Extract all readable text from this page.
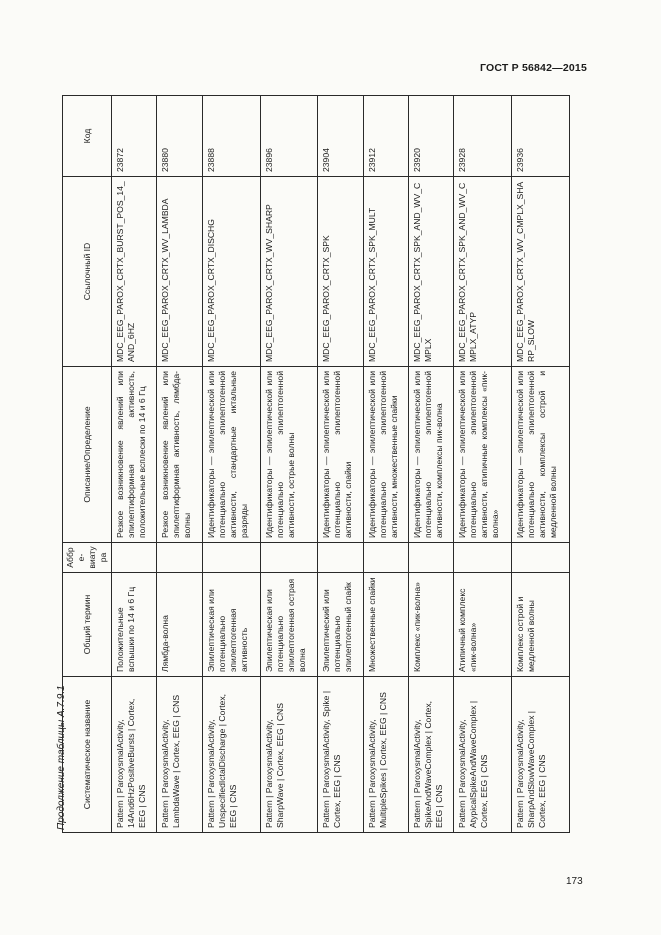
ГОСТ Р 56842—2015
Продолжение таблицы А.7.9.1 Систематическое название	Общий термин	Аббре-виатура	Описание/Определение	Ссылочный ID	Код
Pattern | ParoxysmalActivity, 14And6HzPositiveBursts | Cortex, EEG | CNS	Положительные вспышки по 14 и 6 Гц		Резкое возникновение явлений или эпилептиформная активность, положительные всплески по 14 и 6 Гц	MDC_EEG_PAROX_CRTX_BURST_POS_14_AND_6HZ	23872
Pattern | ParoxysmalActivity, LambdaWave | Cortex, EEG | CNS	Лямбда-волна		Резкое возникновение явлений или эпилептиформная активность, лямбда-волны	MDC_EEG_PAROX_CRTX_WV_LAMBDA	23880
Pattern | ParoxysmalActivity, UnspecifiedIctalDischarge | Cortex, EEG | CNS	Эпилептическая или потенциально эпилептогенная активность		Идентификаторы — эпилептической или потенциально эпилептогенной активности, стандартные иктальные разряды	MDC_EEG_PAROX_CRTX_DISCHG	23888
Pattern | ParoxysmalActivity, SharpWave | Cortex, EEG | CNS	Эпилептическая или потенциально эпилептогенная острая волна		Идентификаторы — эпилептической или потенциально эпилептогенной активности, острые волны	MDC_EEG_PAROX_CRTX_WV_SHARP	23896
Pattern | ParoxysmalActivity, Spike | Cortex, EEG | CNS	Эпилептический или потенциально эпилептогенный спайк		Идентификаторы — эпилептической или потенциально эпилептогенной активности, спайки	MDC_EEG_PAROX_CRTX_SPK	23904
Pattern | ParoxysmalActivity, MultipleSpikes | Cortex, EEG | CNS	Множественные спайки		Идентификаторы — эпилептической или потенциально эпилептогенной активности, множественные спайки	MDC_EEG_PAROX_CRTX_SPK_MULT	23912
Pattern | ParoxysmalActivity, SpikeAndWaveComplex | Cortex, EEG | CNS	Комплекс «пик-волна»		Идентификаторы — эпилептической или потенциально эпилептогенной активности, комплексы пик-волна	MDC_EEG_PAROX_CRTX_SPK_AND_WV_CMPLX	23920
Pattern | ParoxysmalActivity, AtypicalSpikeAndWaveComplex | Cortex, EEG | CNS	Атипичный комплекс «пик-волна»		Идентификаторы — эпилептической или потенциально эпилептогенной активности, атипичные комплексы «пик-волна»	MDC_EEG_PAROX_CRTX_SPK_AND_WV_CMPLX_ATYP	23928
Pattern | ParoxysmalActivity, SharpAndSlowWaveComplex | Cortex, EEG | CNS	Комплекс острой и медленной волны		Идентификаторы — эпилептической или потенциально эпилептогенной активности, комплексы острой и медленной волны	MDC_EEG_PAROX_CRTX_WV_CMPLX_SHARP_SLOW	23936
173
